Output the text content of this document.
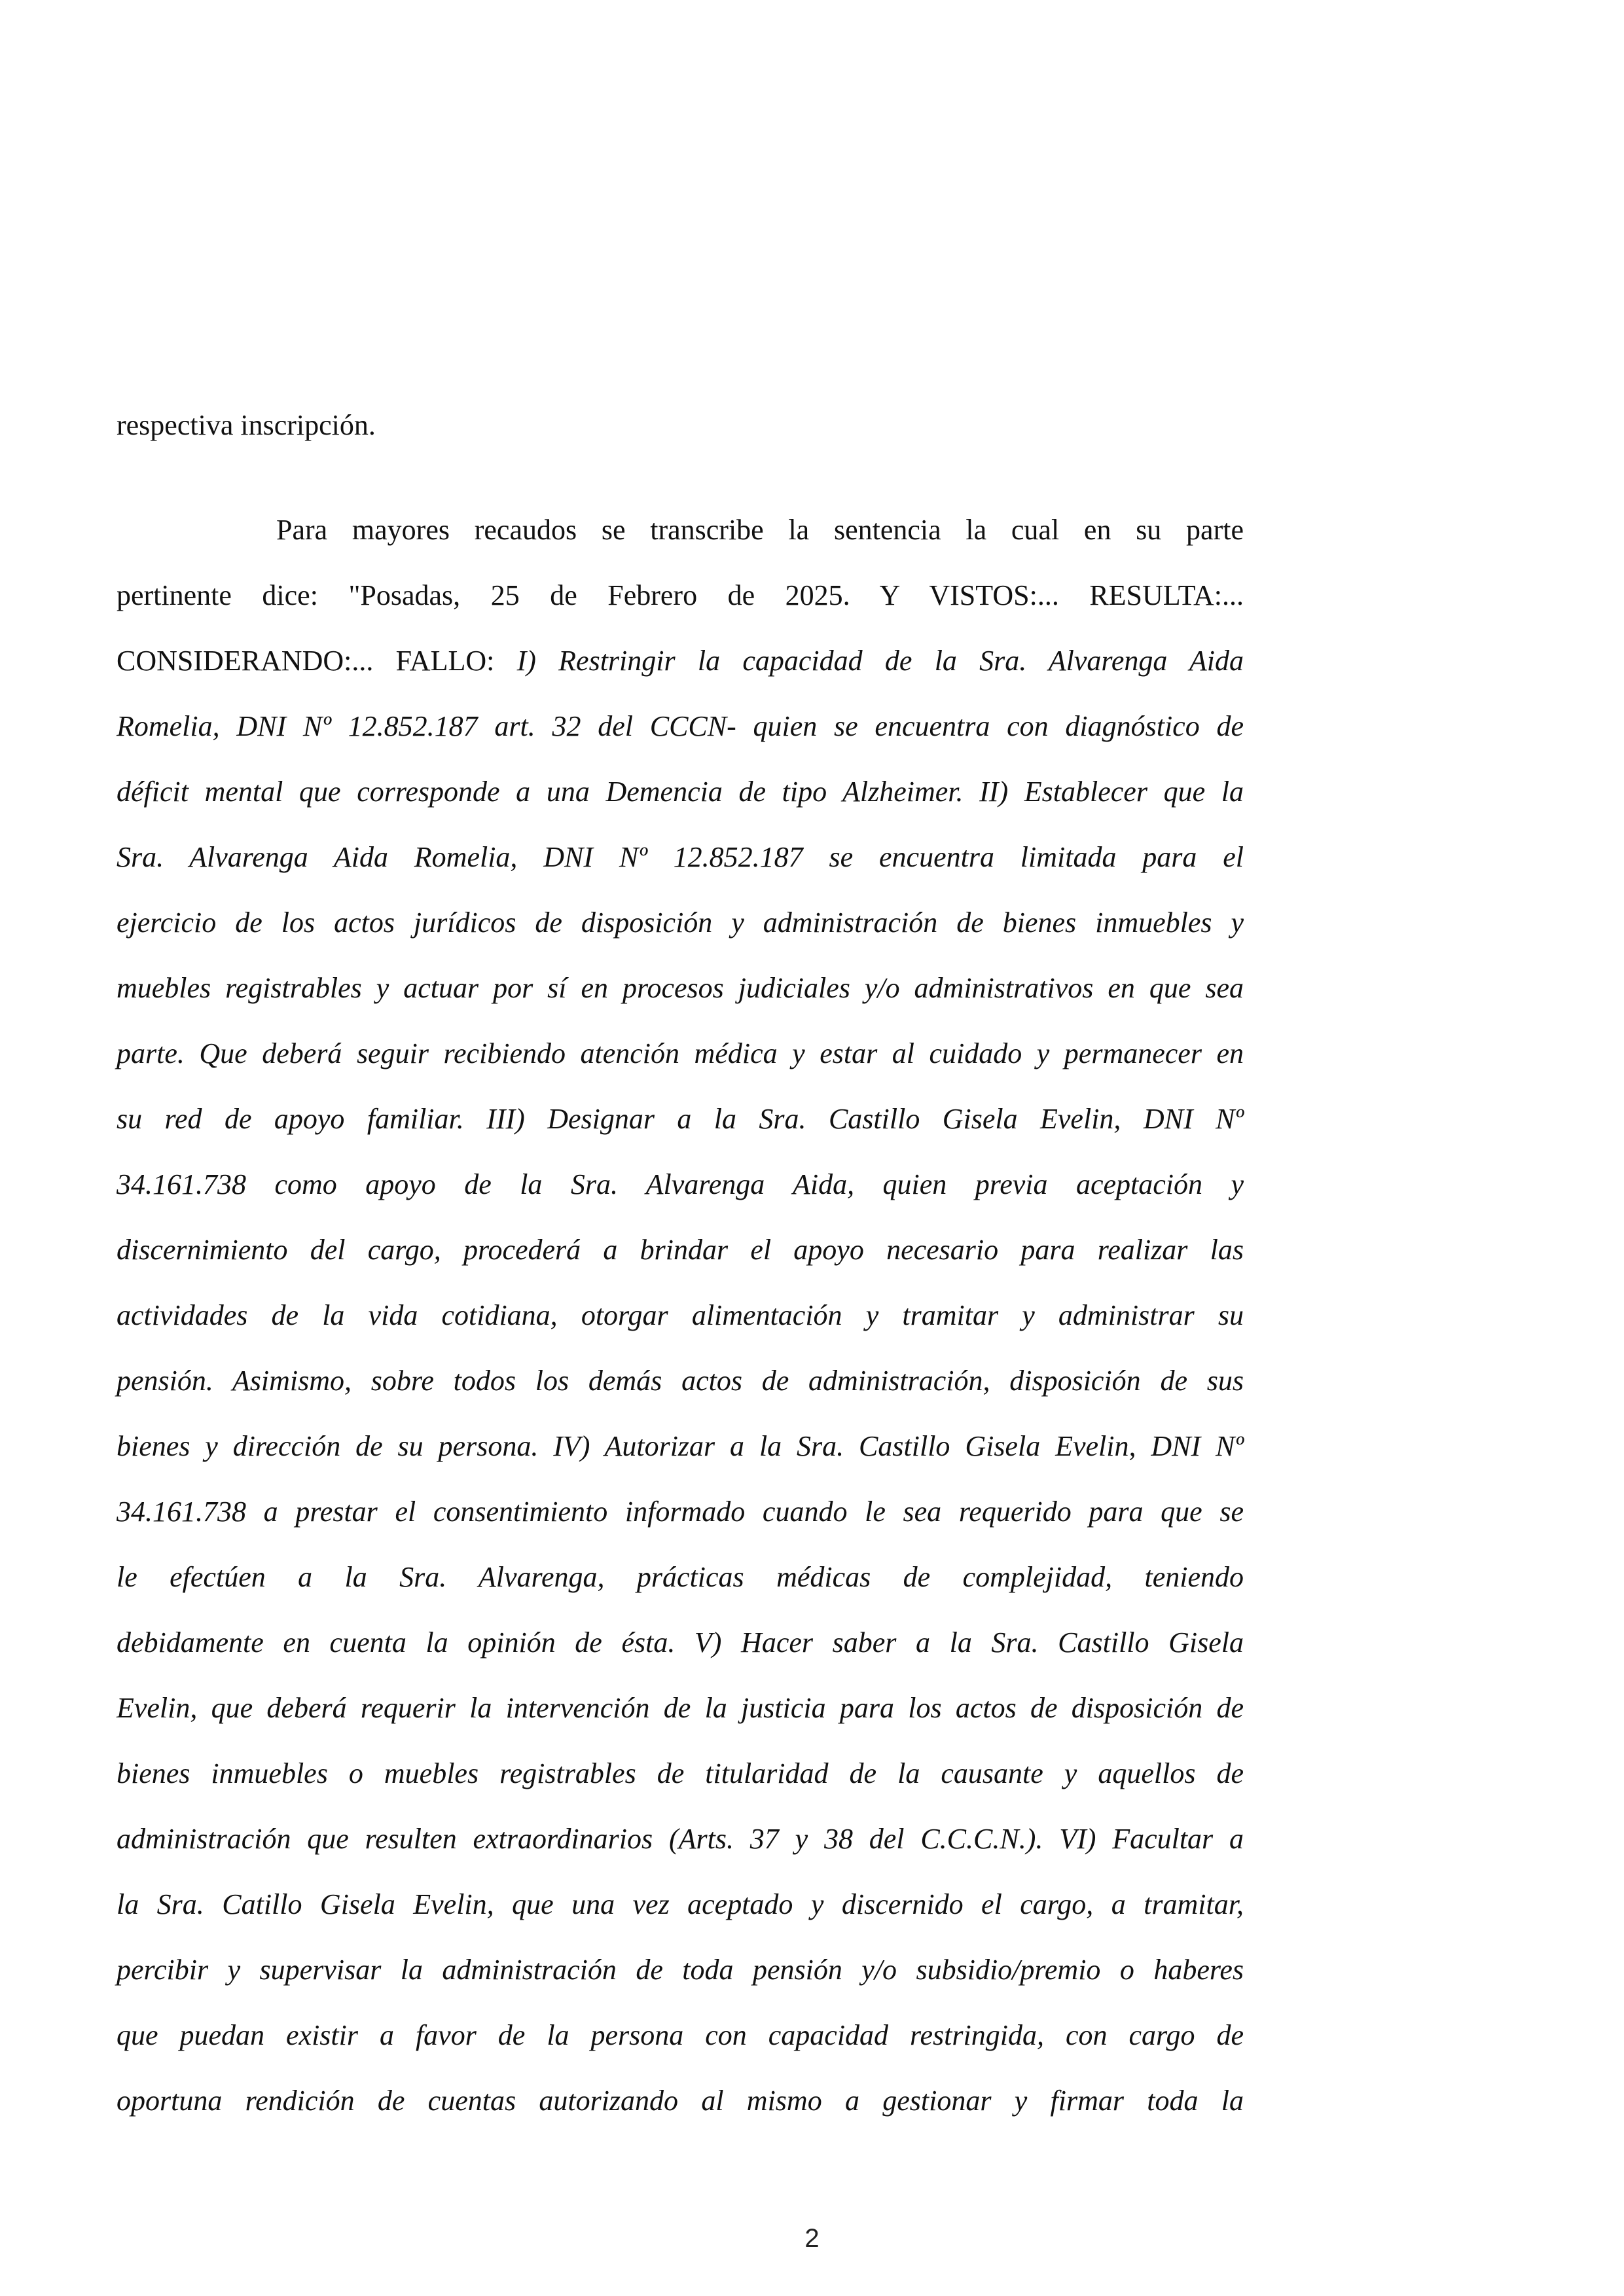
respectiva inscripción.
Para mayores recaudos se transcribe la sentencia la cual en su parte
pertinente dice: "Posadas, 25 de Febrero de 2025. Y VISTOS:... RESULTA:...
CONSIDERANDO:... FALLO: I) Restringir la capacidad de la Sra. Alvarenga Aida
Romelia, DNI Nº 12.852.187 art. 32 del CCCN- quien se encuentra con diagnóstico de
déficit mental que corresponde a una Demencia de tipo Alzheimer. II) Establecer que la
Sra. Alvarenga Aida Romelia, DNI Nº 12.852.187 se encuentra limitada para el
ejercicio de los actos jurídicos de disposición y administración de bienes inmuebles y
muebles registrables y actuar por sí en procesos judiciales y/o administrativos en que sea
parte. Que deberá seguir recibiendo atención médica y estar al cuidado y permanecer en
su red de apoyo familiar. III) Designar a la Sra. Castillo Gisela Evelin, DNI Nº
34.161.738 como apoyo de la Sra. Alvarenga Aida, quien previa aceptación y
discernimiento del cargo, procederá a brindar el apoyo necesario para realizar las
actividades de la vida cotidiana, otorgar alimentación y tramitar y administrar su
pensión. Asimismo, sobre todos los demás actos de administración, disposición de sus
bienes y dirección de su persona. IV) Autorizar a la Sra. Castillo Gisela Evelin, DNI Nº
34.161.738 a prestar el consentimiento informado cuando le sea requerido para que se
le efectúen a la Sra. Alvarenga, prácticas médicas de complejidad, teniendo
debidamente en cuenta la opinión de ésta. V) Hacer saber a la Sra. Castillo Gisela
Evelin, que deberá requerir la intervención de la justicia para los actos de disposición de
bienes inmuebles o muebles registrables de titularidad de la causante y aquellos de
administración que resulten extraordinarios (Arts. 37 y 38 del C.C.C.N.). VI) Facultar a
la Sra. Catillo Gisela Evelin, que una vez aceptado y discernido el cargo, a tramitar,
percibir y supervisar la administración de toda pensión y/o subsidio/premio o haberes
que puedan existir a favor de la persona con capacidad restringida, con cargo de
oportuna rendición de cuentas autorizando al mismo a gestionar y firmar toda la
2
